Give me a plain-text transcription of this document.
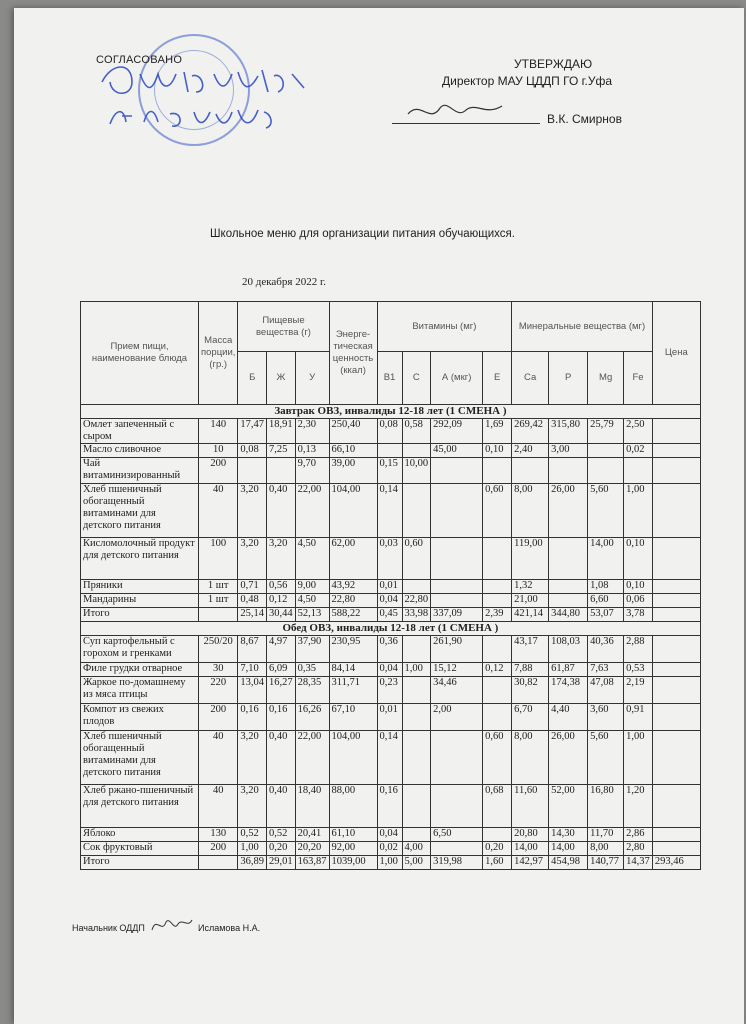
СОГЛАСОВАНО	УТВЕРЖДАЮ
Директор МАУ ЦДДП ГО г.Уфа
В.К. Смирнов
Школьное меню для организации питания обучающихся.
20 декабря 2022 г.
Прием пищи, наименование блюда	Масса порции, (гр.)	Пищевые вещества (г)			Энерге-тическая ценность (ккал)	Витамины (мг)				Минеральные вещества (мг)				Цена
		Б	Ж	У		В1	С	А (мкг)	Е	Са	Р	Mg	Fe	
Завтрак ОВЗ, инвалиды 12-18 лет (1 СМЕНА )														
Омлет запеченный с сыром	140	17,47	18,91	2,30	250,40	0,08	0,58	292,09	1,69	269,42	315,80	25,79	2,50	
Масло сливочное	10	0,08	7,25	0,13	66,10			45,00	0,10	2,40	3,00		0,02	
Чай витаминизированный	200			9,70	39,00	0,15	10,00							
Хлеб пшеничный обогащенный витаминами для детского питания	40	3,20	0,40	22,00	104,00	0,14			0,60	8,00	26,00	5,60	1,00	
Кисломолочный продукт для детского питания	100	3,20	3,20	4,50	62,00	0,03	0,60			119,00		14,00	0,10	
Пряники	1 шт	0,71	0,56	9,00	43,92	0,01				1,32		1,08	0,10	
Мандарины	1 шт	0,48	0,12	4,50	22,80	0,04	22,80			21,00		6,60	0,06	
Итого		25,14	30,44	52,13	588,22	0,45	33,98	337,09	2,39	421,14	344,80	53,07	3,78	
Обед ОВЗ, инвалиды 12-18 лет (1 СМЕНА )														
Суп картофельный с горохом и гренками	250/20	8,67	4,97	37,90	230,95	0,36		261,90		43,17	108,03	40,36	2,88	
Филе грудки отварное	30	7,10	6,09	0,35	84,14	0,04	1,00	15,12	0,12	7,88	61,87	7,63	0,53	
Жаркое по-домашнему из мяса птицы	220	13,04	16,27	28,35	311,71	0,23		34,46		30,82	174,38	47,08	2,19	
Компот из свежих плодов	200	0,16	0,16	16,26	67,10	0,01		2,00		6,70	4,40	3,60	0,91	
Хлеб пшеничный обогащенный витаминами для детского питания	40	3,20	0,40	22,00	104,00	0,14			0,60	8,00	26,00	5,60	1,00	
Хлеб ржано-пшеничный для детского питания	40	3,20	0,40	18,40	88,00	0,16			0,68	11,60	52,00	16,80	1,20	
Яблоко	130	0,52	0,52	20,41	61,10	0,04		6,50		20,80	14,30	11,70	2,86	
Сок фруктовый	200	1,00	0,20	20,20	92,00	0,02	4,00		0,20	14,00	14,00	8,00	2,80	
Итого		36,89	29,01	163,87	1039,00	1,00	5,00	319,98	1,60	142,97	454,98	140,77	14,37	293,46
Начальник ОДДП	Исламова Н.А.
